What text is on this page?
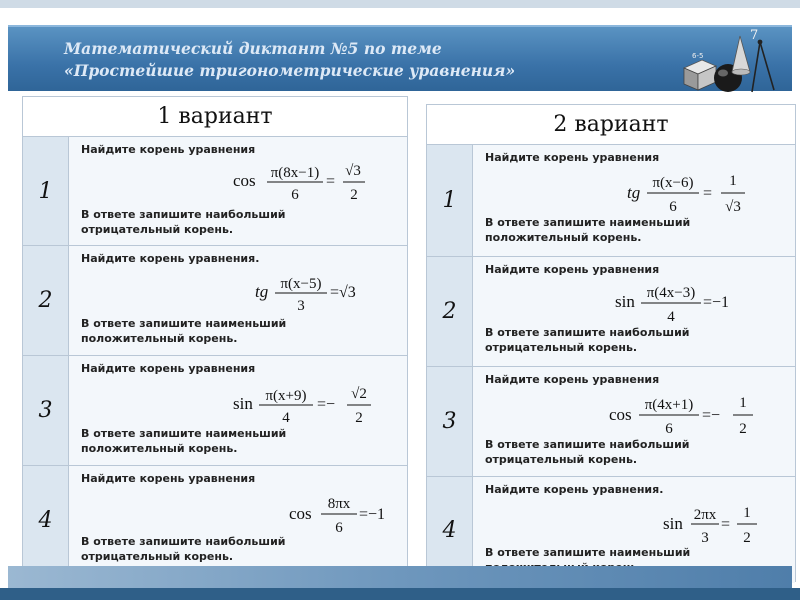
Математический диктант №5 по теме
«Простейшие тригонометрические уравнения»
6-5
7
1 вариант
1
Найдите корень уравнения
cos π(8x−1)
6
=
√3
2
В ответе запишите наибольший отрицательный корень.
2
Найдите корень уравнения.
tg π(x−5)
3
=√3
В ответе запишите наименьший положительный корень.
3
Найдите корень уравнения
sin π(x+9)
4
=−
√2
2
В ответе запишите наименьший положительный корень.
4
Найдите корень уравнения
cos 8πx
6
=−1
В ответе запишите наибольший отрицательный корень.
2 вариант
1
Найдите корень уравнения
tg π(x−6)
6
=
1
√3
В ответе запишите наименьший положительный корень.
2
Найдите корень уравнения
sin π(4x−3)
4
=−1
В ответе запишите наибольший отрицательный корень.
3
Найдите корень уравнения
cos π(4x+1)
6
=−
1
2
В ответе запишите наибольший отрицательный корень.
4
Найдите корень уравнения.
sin 2πx
3
=
1
2
В ответе запишите наименьший
